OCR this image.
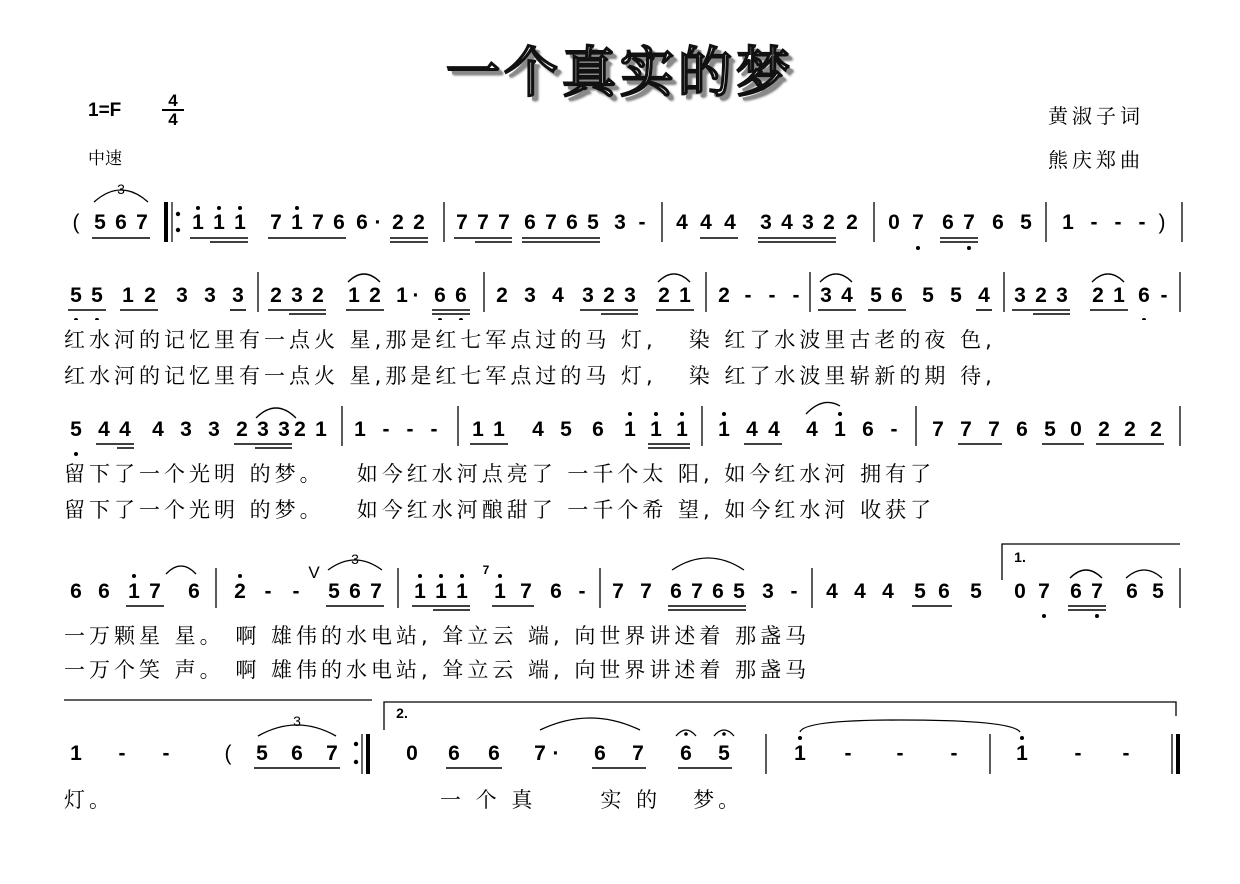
一个真实的梦
1=F	4
4
中速
黄淑子词
熊庆郑曲
( 5 6 7
3
1 1 1 7 1 7 6 6 · 2 2 7 7 7 6 7 6 5 3 - 4 4 4 3 4 3 2 2 0 7 6 7 6 5 1 - - - )
5 5 1 2 3 3 3 2 3 2 1 2 1 · 6 6 2 3 4 3 2 3 2 1 2 - - - 3 4 5 6 5 5 4 3 2 3 2 1 6 -
红水河的记忆里有一点火 星,那是红七军点过的马 灯,   染 红了水波里古老的夜 色,
红水河的记忆里有一点火 星,那是红七军点过的马 灯,   染 红了水波里崭新的期 待,
5 4 4 4 3 3 2 3 3 2 1 1 - - - 1 1 4 5 6 1 1 1 1 4 4 4 1 6 - 7 7 7 6 5 0 2 2 2
留下了一个光明 的梦。   如今红水河点亮了 一千个太 阳, 如今红水河 拥有了
留下了一个光明 的梦。   如今红水河酿甜了 一千个希 望, 如今红水河 收获了
1.
6 6 1 7 6 2 - -
V
5 6 7
3
1 1 1
7
1 7 6 - 7 7 6 7 6 5 3 - 4 4 4 5 6 5 0 7 6 7 6 5
一万颗星 星。 啊 雄伟的水电站, 耸立云 端, 向世界讲述着 那盏马
一万个笑 声。 啊 雄伟的水电站, 耸立云 端, 向世界讲述着 那盏马
2.
1 - -	( 5 6 7
3
0 6 6 7 · 6 7 6 5	1 - - -	1 - -
灯。	一 个 真      实 的   梦。
